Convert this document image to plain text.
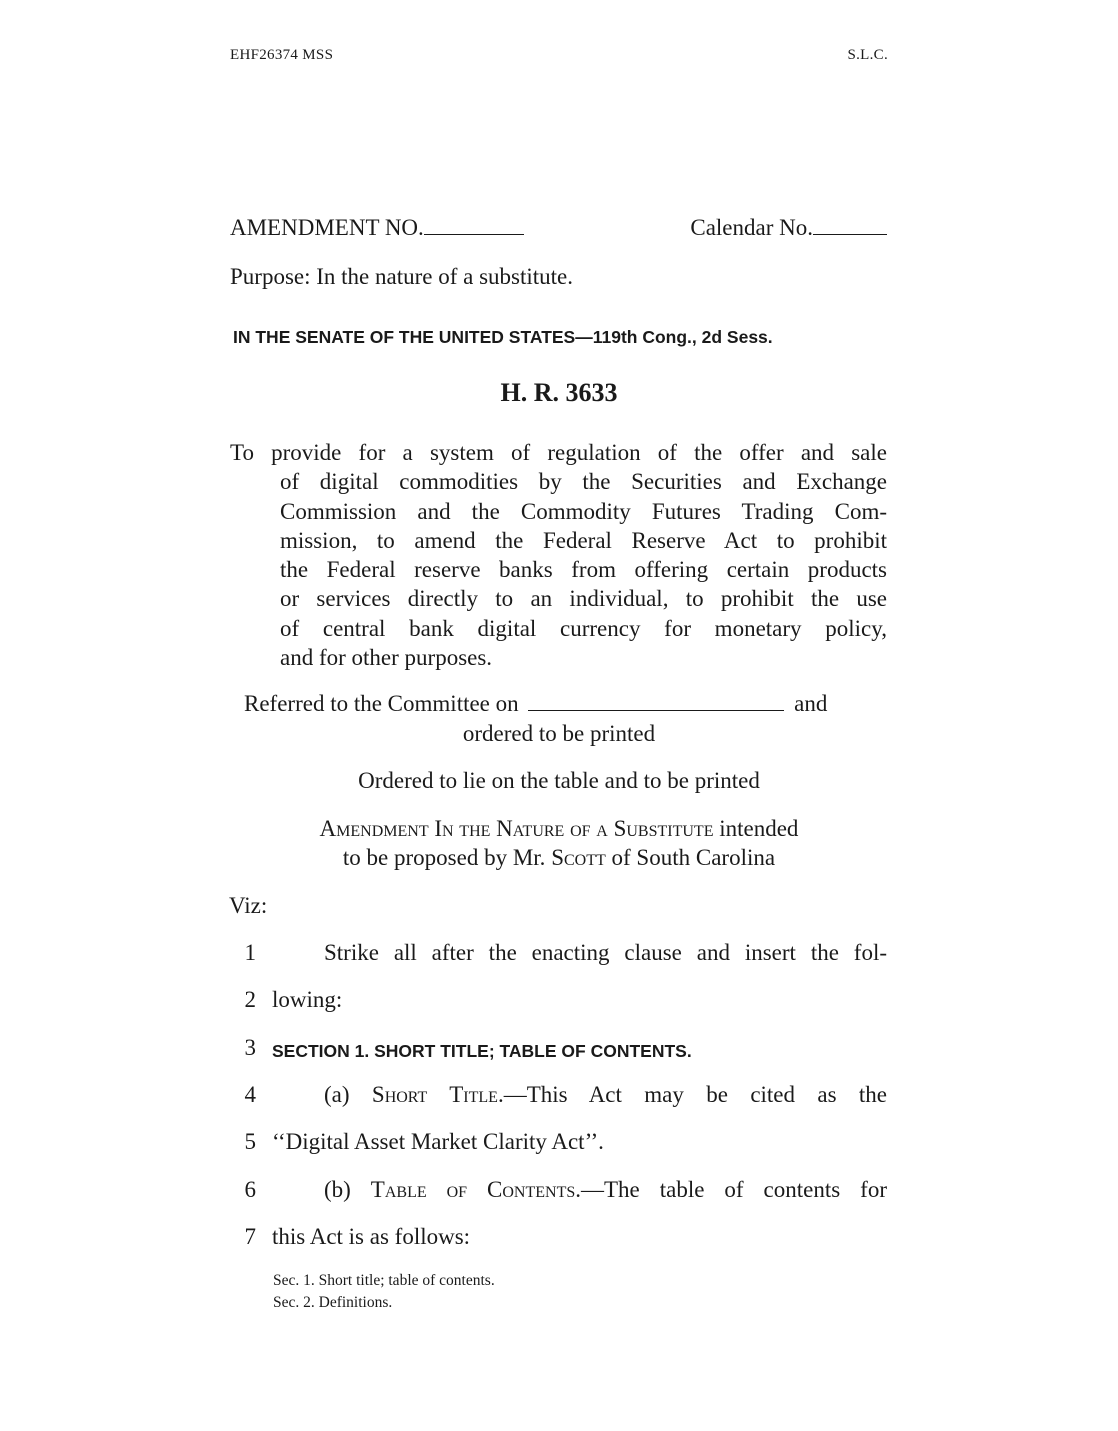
EHF26374 MSS	S.L.C.
AMENDMENT NO.	Calendar No.
Purpose: In the nature of a substitute.
IN THE SENATE OF THE UNITED STATES—119th Cong., 2d Sess.
H. R. 3633
To provide for a system of regulation of the offer and sale
of digital commodities by the Securities and Exchange
Commission and the Commodity Futures Trading Com-
mission, to amend the Federal Reserve Act to prohibit
the Federal reserve banks from offering certain products
or services directly to an individual, to prohibit the use
of central bank digital currency for monetary policy,
and for other purposes.
Referred to the Committee on	and
ordered to be printed
Ordered to lie on the table and to be printed
Amendment In the Nature of a Substitute intended
to be proposed by Mr. Scott of South Carolina
Viz:
1	Strike all after the enacting clause and insert the fol-
2 lowing:
3 SECTION 1. SHORT TITLE; TABLE OF CONTENTS.
4	(a) Short Title.—This Act may be cited as the
5 ‘‘Digital Asset Market Clarity Act’’.
6	(b) Table of Contents.—The table of contents for
7 this Act is as follows:
Sec. 1. Short title; table of contents.
Sec. 2. Definitions.
